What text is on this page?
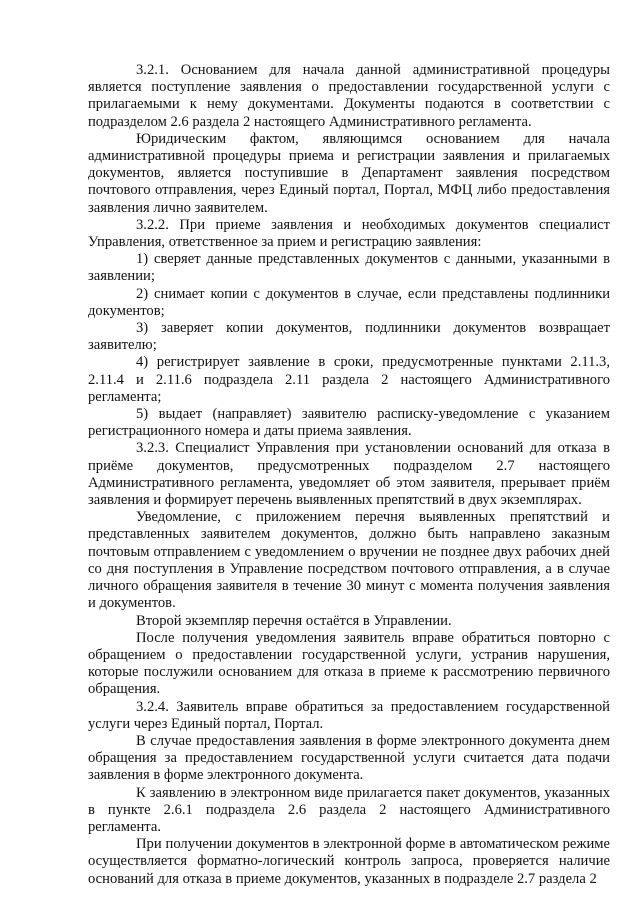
3.2.1. Основанием для начала данной административной процедуры является поступление заявления о предоставлении государственной услуги с прилагаемыми к нему документами. Документы подаются в соответствии с подразделом 2.6 раздела 2 настоящего Административного регламента.

Юридическим фактом, являющимся основанием для начала административной процедуры приема и регистрации заявления и прилагаемых документов, является поступившие в Департамент заявления посредством почтового отправления, через Единый портал, Портал, МФЦ либо предоставления заявления лично заявителем.

3.2.2. При приеме заявления и необходимых документов специалист Управления, ответственное за прием и регистрацию заявления:

1) сверяет данные представленных документов с данными, указанными в заявлении;

2) снимает копии с документов в случае, если представлены подлинники документов;

3) заверяет копии документов, подлинники документов возвращает заявителю;

4) регистрирует заявление в сроки, предусмотренные пунктами 2.11.3, 2.11.4 и 2.11.6 подраздела 2.11 раздела 2 настоящего Административного регламента;

5) выдает (направляет) заявителю расписку-уведомление с указанием регистрационного номера и даты приема заявления.

3.2.3. Специалист Управления при установлении оснований для отказа в приёме документов, предусмотренных подразделом 2.7 настоящего Административного регламента, уведомляет об этом заявителя, прерывает приём заявления и формирует перечень выявленных препятствий в двух экземплярах.

Уведомление, с приложением перечня выявленных препятствий и представленных заявителем документов, должно быть направлено заказным почтовым отправлением с уведомлением о вручении не позднее двух рабочих дней со дня поступления в Управление посредством почтового отправления, а в случае личного обращения заявителя в течение 30 минут с момента получения заявления и документов.

Второй экземпляр перечня остаётся в Управлении.

После получения уведомления заявитель вправе обратиться повторно с обращением о предоставлении государственной услуги, устранив нарушения, которые послужили основанием для отказа в приеме к рассмотрению первичного обращения.

3.2.4. Заявитель вправе обратиться за предоставлением государственной услуги через Единый портал, Портал.

В случае предоставления заявления в форме электронного документа днем обращения за предоставлением государственной услуги считается дата подачи заявления в форме электронного документа.

К заявлению в электронном виде прилагается пакет документов, указанных в пункте 2.6.1 подраздела 2.6 раздела 2 настоящего Административного регламента.

При получении документов в электронной форме в автоматическом режиме осуществляется форматно-логический контроль запроса, проверяется наличие оснований для отказа в приеме документов, указанных в подразделе 2.7 раздела 2
